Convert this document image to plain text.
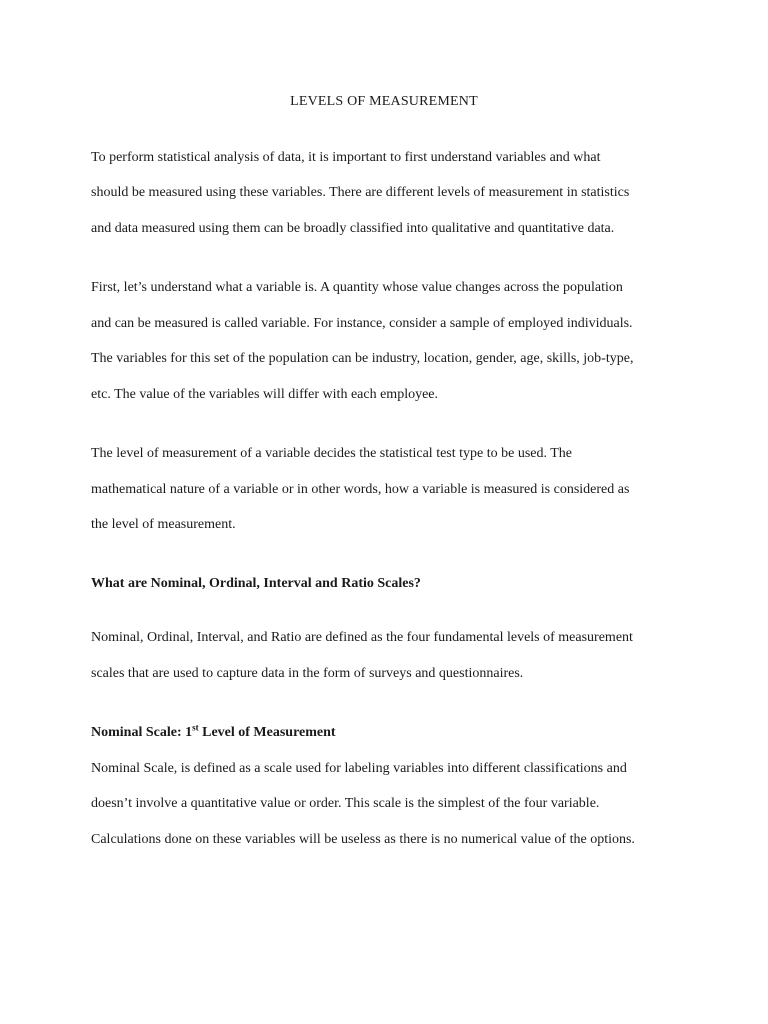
LEVELS OF MEASUREMENT
To perform statistical analysis of data, it is important to first understand variables and what
should be measured using these variables. There are different levels of measurement in statistics
and data measured using them can be broadly classified into qualitative and quantitative data.
First, let’s understand what a variable is. A quantity whose value changes across the population
and can be measured is called variable. For instance, consider a sample of employed individuals.
The variables for this set of the population can be industry, location, gender, age, skills, job-type,
etc. The value of the variables will differ with each employee.
The level of measurement of a variable decides the statistical test type to be used. The
mathematical nature of a variable or in other words, how a variable is measured is considered as
the level of measurement.
What are Nominal, Ordinal, Interval and Ratio Scales?
Nominal, Ordinal, Interval, and Ratio are defined as the four fundamental levels of measurement
scales that are used to capture data in the form of surveys and questionnaires.
Nominal Scale: 1st Level of Measurement
Nominal Scale, is defined as a scale used for labeling variables into different classifications and
doesn’t involve a quantitative value or order. This scale is the simplest of the four variable.
Calculations done on these variables will be useless as there is no numerical value of the options.
